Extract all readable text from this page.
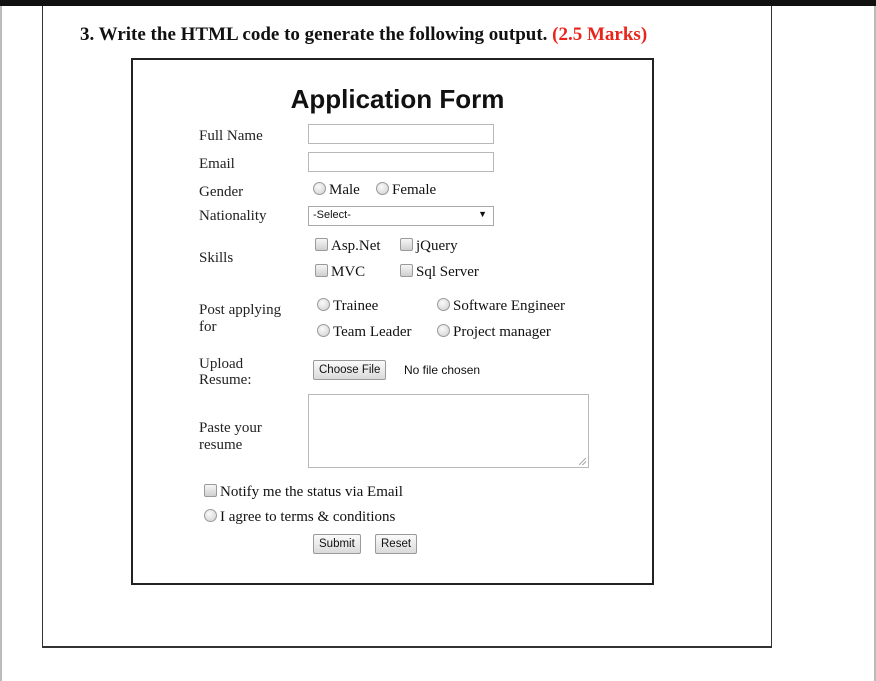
3. Write the HTML code to generate the following output. (2.5 Marks)
Application Form
Full Name
Email
Gender	Male	Female
Nationality	-Select-	▼
Skills
Asp.Net	jQuery
MVC	Sql Server
Post applying
for
Trainee	Software Engineer
Team Leader	Project manager
Upload
Resume:
Choose File	No file chosen
Paste your
resume
Notify me the status via Email
I agree to terms & conditions
Submit	Reset
